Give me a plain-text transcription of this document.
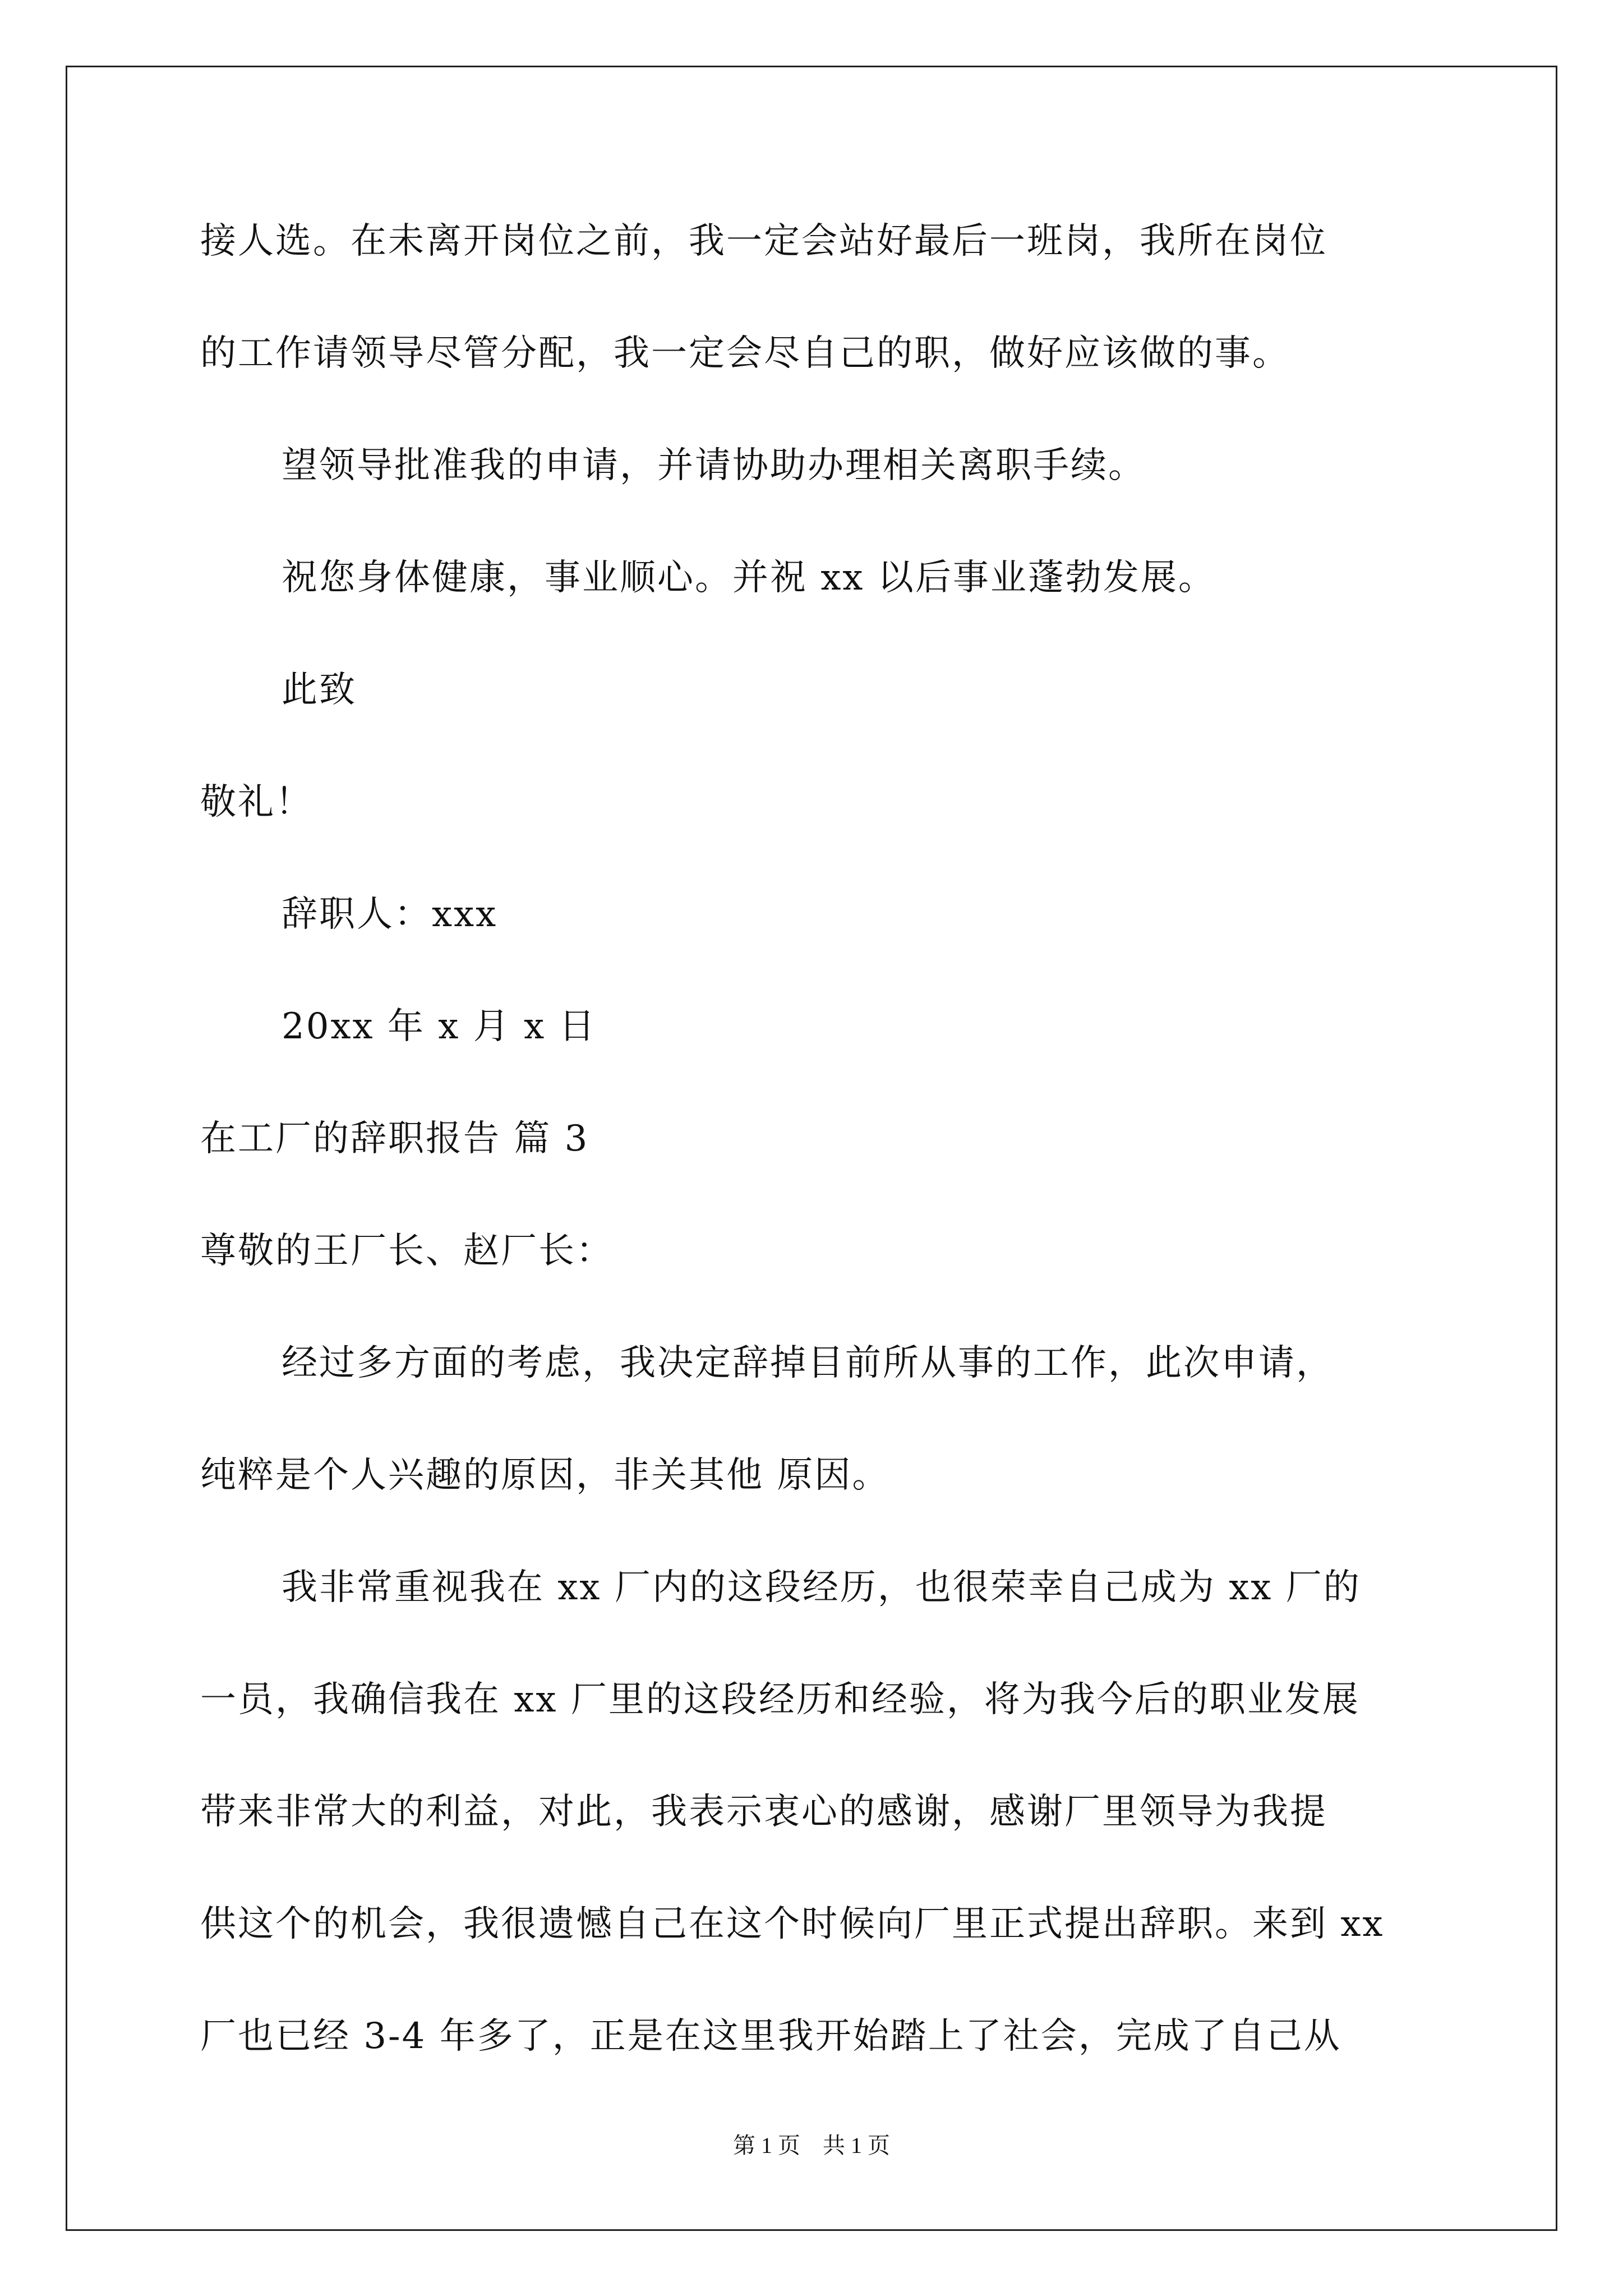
接人选。在未离开岗位之前，我一定会站好最后一班岗，我所在岗位
的工作请领导尽管分配，我一定会尽自己的职，做好应该做的事。
望领导批准我的申请，并请协助办理相关离职手续。
祝您身体健康，事业顺心。并祝 xx 以后事业蓬勃发展。
此致
敬礼！
辞职人：xxx
20xx 年 x 月 x 日
在工厂的辞职报告 篇 3
尊敬的王厂长、赵厂长：
经过多方面的考虑，我决定辞掉目前所从事的工作，此次申请，
纯粹是个人兴趣的原因，非关其他 原因。
我非常重视我在 xx 厂内的这段经历，也很荣幸自己成为 xx 厂的
一员，我确信我在 xx 厂里的这段经历和经验，将为我今后的职业发展
带来非常大的利益，对此，我表示衷心的感谢，感谢厂里领导为我提
供这个的机会，我很遗憾自己在这个时候向厂里正式提出辞职。来到 xx
厂也已经 3-4 年多了，正是在这里我开始踏上了社会，完成了自己从
第 1 页　共 1 页
